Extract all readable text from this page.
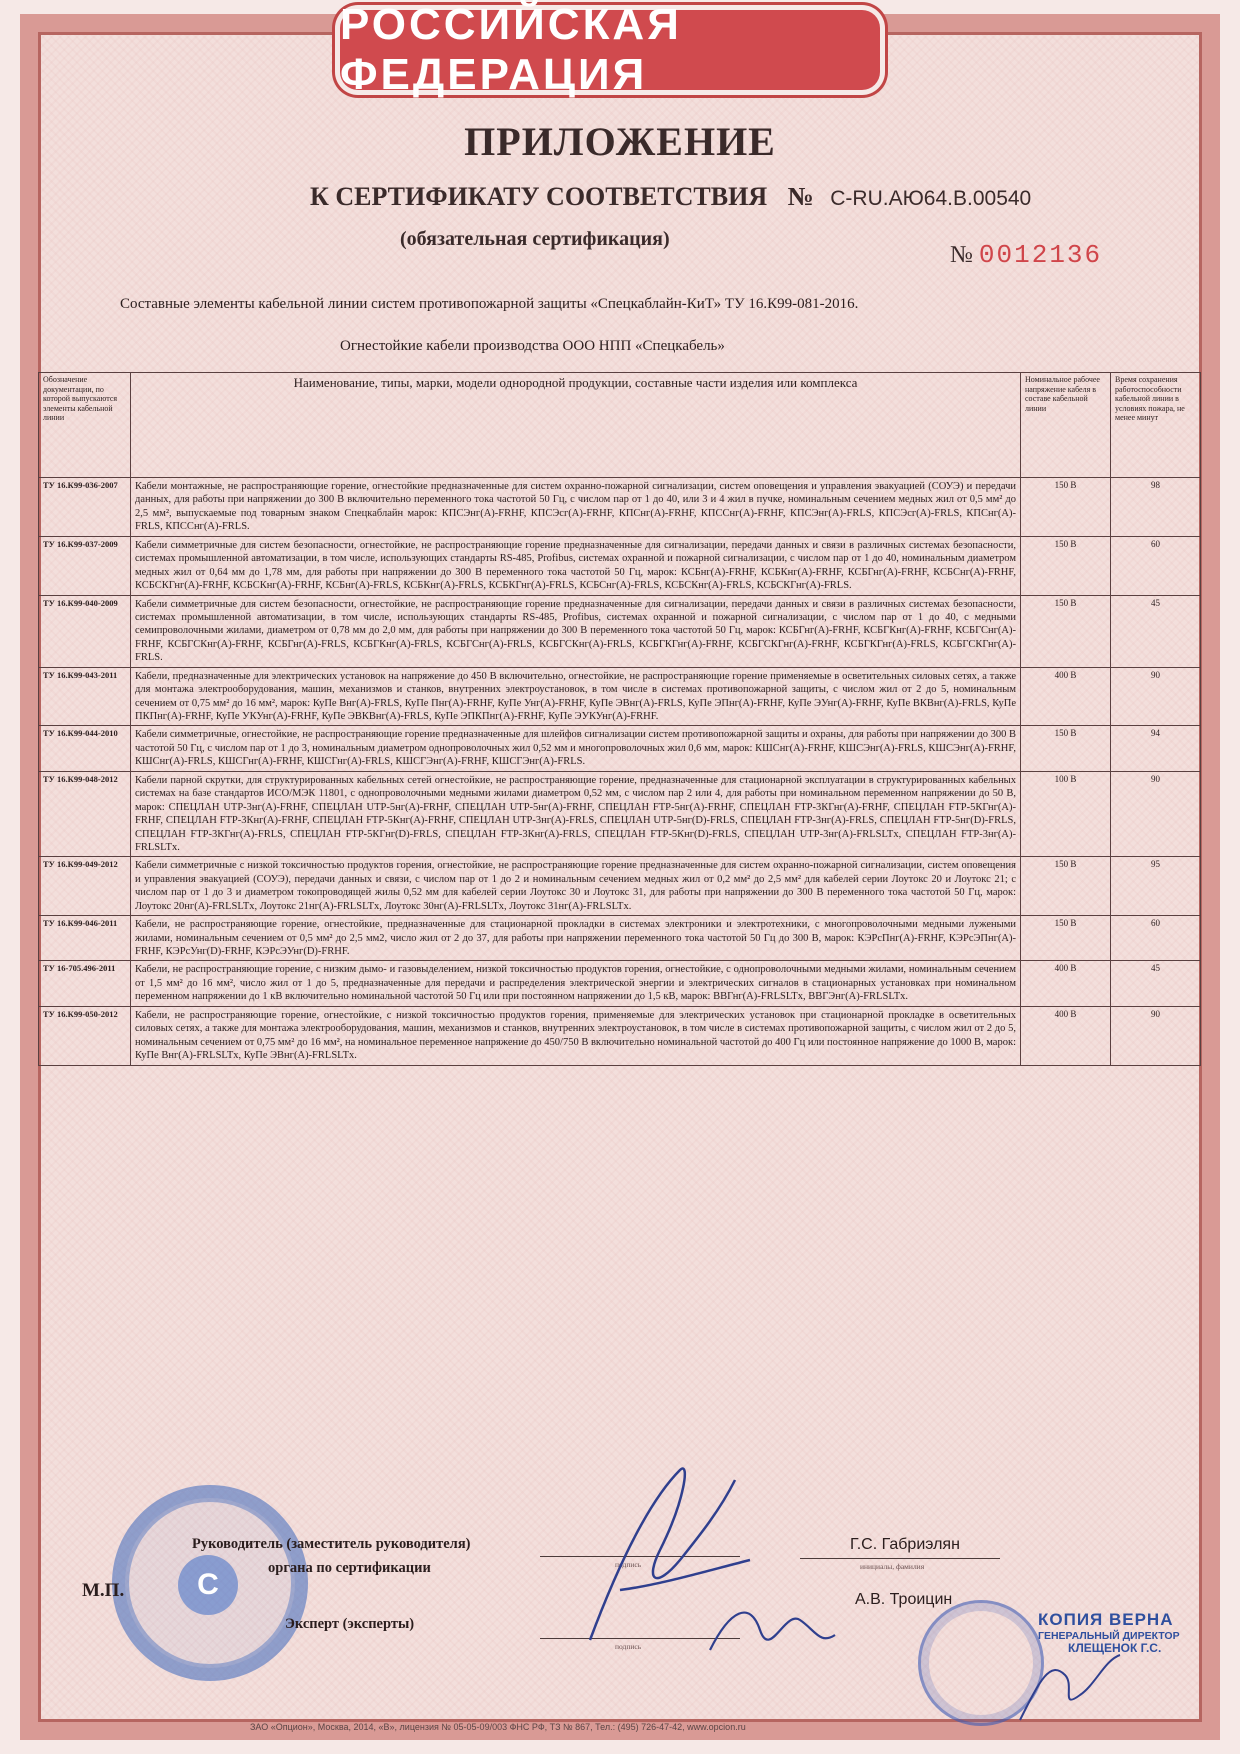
РОССИЙСКАЯ ФЕДЕРАЦИЯ
ПРИЛОЖЕНИЕ
К СЕРТИФИКАТУ СООТВЕТСТВИЯ № C-RU.АЮ64.В.00540
(обязательная сертификация)
№ 0012136
Составные элементы кабельной линии систем противопожарной защиты «Спецкаблайн-КиТ» ТУ 16.К99-081-2016.
Огнестойкие кабели производства ООО НПП «Спецкабель»
Обозначение документации, по которой выпускаются элементы кабельной линии	Наименование, типы, марки, модели однородной продукции, составные части изделия или комплекса	Номинальное рабочее напряжение кабеля в составе кабельной линии	Время сохранения работоспособности кабельной линии в условиях пожара, не менее минут
ТУ 16.К99-036-2007	Кабели монтажные, не распространяющие горение, огнестойкие предназначенные для систем охранно-пожарной сигнализации, систем оповещения и управления эвакуацией (СОУЭ) и передачи данных, для работы при напряжении до 300 В включительно переменного тока частотой 50 Гц, с числом пар от 1 до 40, или 3 и 4 жил в пучке, номинальным сечением медных жил от 0,5 мм² до 2,5 мм², выпускаемые под товарным знаком Спецкаблайн марок: КПСЭнг(А)-FRHF, КПСЭсг(А)-FRHF, КПСнг(А)-FRHF, КПССнг(А)-FRHF, КПСЭнг(А)-FRLS, КПСЭсг(А)-FRLS, КПСнг(А)-FRLS, КПССнг(А)-FRLS.	150 В	98
ТУ 16.К99-037-2009	Кабели симметричные для систем безопасности, огнестойкие, не распространяющие горение предназначенные для сигнализации, передачи данных и связи в различных системах безопасности, системах промышленной автоматизации, в том числе, использующих стандарты RS-485, Profibus, системах охранной и пожарной сигнализации, с числом пар от 1 до 40, номинальным диаметром медных жил от 0,64 мм до 1,78 мм, для работы при напряжении до 300 В переменного тока частотой 50 Гц, марок: КСБнг(А)-FRHF, КСБКнг(А)-FRHF, КСБГнг(А)-FRHF, КСБСнг(А)-FRHF, КСБСКГнг(А)-FRHF, КСБСКнг(А)-FRHF, КСБнг(А)-FRLS, КСБКнг(А)-FRLS, КСБКГнг(А)-FRLS, КСБСнг(А)-FRLS, КСБСКнг(А)-FRLS, КСБСКГнг(А)-FRLS.	150 В	60
ТУ 16.К99-040-2009	Кабели симметричные для систем безопасности, огнестойкие, не распространяющие горение предназначенные для сигнализации, передачи данных и связи в различных системах безопасности, системах промышленной автоматизации, в том числе, использующих стандарты RS-485, Profibus, системах охранной и пожарной сигнализации, с числом пар от 1 до 40, с медными семипроволочными жилами, диаметром от 0,78 мм до 2,0 мм, для работы при напряжении до 300 В переменного тока частотой 50 Гц, марок: КСБГнг(А)-FRHF, КСБГКнг(А)-FRHF, КСБГСнг(А)-FRHF, КСБГСКнг(А)-FRHF, КСБГнг(А)-FRLS, КСБГКнг(А)-FRLS, КСБГСнг(А)-FRLS, КСБГСКнг(А)-FRLS, КСБГКГнг(А)-FRHF, КСБГСКГнг(А)-FRHF, КСБГКГнг(А)-FRLS, КСБГСКГнг(А)-FRLS.	150 В	45
ТУ 16.К99-043-2011	Кабели, предназначенные для электрических установок на напряжение до 450 В включительно, огнестойкие, не распространяющие горение применяемые в осветительных силовых сетях, а также для монтажа электрооборудования, машин, механизмов и станков, внутренних электроустановок, в том числе в системах противопожарной защиты, с числом жил от 2 до 5, номинальным сечением от 0,75 мм² до 16 мм², марок: КуПе Внг(А)-FRLS, КуПе Пнг(А)-FRHF, КуПе Унг(А)-FRHF, КуПе ЭВнг(А)-FRLS, КуПе ЭПнг(А)-FRHF, КуПе ЭУнг(А)-FRHF, КуПе ВКВнг(А)-FRLS, КуПе ПКПнг(А)-FRHF, КуПе УКУнг(А)-FRHF, КуПе ЭВКВнг(А)-FRLS, КуПе ЭПКПнг(А)-FRHF, КуПе ЭУКУнг(А)-FRHF.	400 В	90
ТУ 16.К99-044-2010	Кабели симметричные, огнестойкие, не распространяющие горение предназначенные для шлейфов сигнализации систем противопожарной защиты и охраны, для работы при напряжении до 300 В частотой 50 Гц, с числом пар от 1 до 3, номинальным диаметром однопроволочных жил 0,52 мм и многопроволочных жил 0,6 мм, марок: КШСнг(А)-FRHF, КШСЭнг(А)-FRLS, КШСЭнг(А)-FRHF, КШСнг(А)-FRLS, КШСГнг(А)-FRHF, КШСГнг(А)-FRLS, КШСГЭнг(А)-FRHF, КШСГЭнг(А)-FRLS.	150 В	94
ТУ 16.К99-048-2012	Кабели парной скрутки, для структурированных кабельных сетей огнестойкие, не распространяющие горение, предназначенные для стационарной эксплуатации в структурированных кабельных системах на базе стандартов ИСО/МЭК 11801, с однопроволочными медными жилами диаметром 0,52 мм, с числом пар 2 или 4, для работы при номинальном переменном напряжении до 50 В, марок: СПЕЦЛАН UTP-3нг(А)-FRHF, СПЕЦЛАН UTP-5нг(А)-FRHF, СПЕЦЛАН UTP-5нг(А)-FRHF, СПЕЦЛАН FTP-5нг(А)-FRHF, СПЕЦЛАН FTP-3КГнг(А)-FRHF, СПЕЦЛАН FTP-5КГнг(А)-FRHF, СПЕЦЛАН FTP-3Кнг(А)-FRHF, СПЕЦЛАН FTP-5Кнг(А)-FRHF, СПЕЦЛАН UTP-3нг(А)-FRLS, СПЕЦЛАН UTP-5нг(D)-FRLS, СПЕЦЛАН FTP-3нг(А)-FRLS, СПЕЦЛАН FTP-5нг(D)-FRLS, СПЕЦЛАН FTP-3КГнг(А)-FRLS, СПЕЦЛАН FTP-5КГнг(D)-FRLS, СПЕЦЛАН FTP-3Кнг(А)-FRLS, СПЕЦЛАН FTP-5Кнг(D)-FRLS, СПЕЦЛАН UTP-3нг(А)-FRLSLTx, СПЕЦЛАН FTP-3нг(А)-FRLSLTx.	100 В	90
ТУ 16.К99-049-2012	Кабели симметричные с низкой токсичностью продуктов горения, огнестойкие, не распространяющие горение предназначенные для систем охранно-пожарной сигнализации, систем оповещения и управления эвакуацией (СОУЭ), передачи данных и связи, с числом пар от 1 до 2 и номинальным сечением медных жил от 0,2 мм² до 2,5 мм² для кабелей серии Лоутокс 20 и Лоутокс 21; с числом пар от 1 до 3 и диаметром токопроводящей жилы 0,52 мм для кабелей серии Лоутокс 30 и Лоутокс 31, для работы при напряжении до 300 В переменного тока частотой 50 Гц, марок: Лоутокс 20нг(А)-FRLSLTx, Лоутокс 21нг(А)-FRLSLTx, Лоутокс 30нг(А)-FRLSLTx, Лоутокс 31нг(А)-FRLSLTx.	150 В	95
ТУ 16.К99-046-2011	Кабели, не распространяющие горение, огнестойкие, предназначенные для стационарной прокладки в системах электроники и электротехники, с многопроволочными медными лужеными жилами, номинальным сечением от 0,5 мм² до 2,5 мм2, число жил от 2 до 37, для работы при напряжении переменного тока частотой 50 Гц до 300 В, марок: КЭРсПнг(А)-FRHF, КЭРсЭПнг(А)-FRHF, КЭРсУнг(D)-FRHF, КЭРсЭУнг(D)-FRHF.	150 В	60
ТУ 16-705.496-2011	Кабели, не распространяющие горение, с низким дымо- и газовыделением, низкой токсичностью продуктов горения, огнестойкие, с однопроволочными медными жилами, номинальным сечением от 1,5 мм² до 16 мм², число жил от 1 до 5, предназначенные для передачи и распределения электрической энергии и электрических сигналов в стационарных установках при номинальном переменном напряжении до 1 кВ включительно номинальной частотой 50 Гц или при постоянном напряжении до 1,5 кВ, марок: ВВГнг(А)-FRLSLTx, ВВГЭнг(А)-FRLSLTx.	400 В	45
ТУ 16.К99-050-2012	Кабели, не распространяющие горение, огнестойкие, с низкой токсичностью продуктов горения, применяемые для электрических установок при стационарной прокладке в осветительных силовых сетях, а также для монтажа электрооборудования, машин, механизмов и станков, внутренних электроустановок, в том числе в системах противопожарной защиты, с числом жил от 2 до 5, номинальным сечением от 0,75 мм² до 16 мм², на номинальное переменное напряжение до 450/750 В включительно номинальной частотой до 400 Гц или постоянное напряжение до 1000 В, марок: КуПе Внг(А)-FRLSLTx, КуПе ЭВнг(А)-FRLSLTx.	400 В	90
С
М.П.
Руководитель (заместитель руководителя)
органа по сертификации	подпись
Г.С. Габриэлян
инициалы, фамилия
Эксперт (эксперты)
подпись
А.В. Троицин
КОПИЯ ВЕРНА
ГЕНЕРАЛЬНЫЙ ДИРЕКТОР
КЛЕЩЕНОК Г.С.
ЗАО «Опцион», Москва, 2014, «В», лицензия № 05-05-09/003 ФНС РФ, ТЗ № 867, Тел.: (495) 726-47-42, www.opcion.ru
